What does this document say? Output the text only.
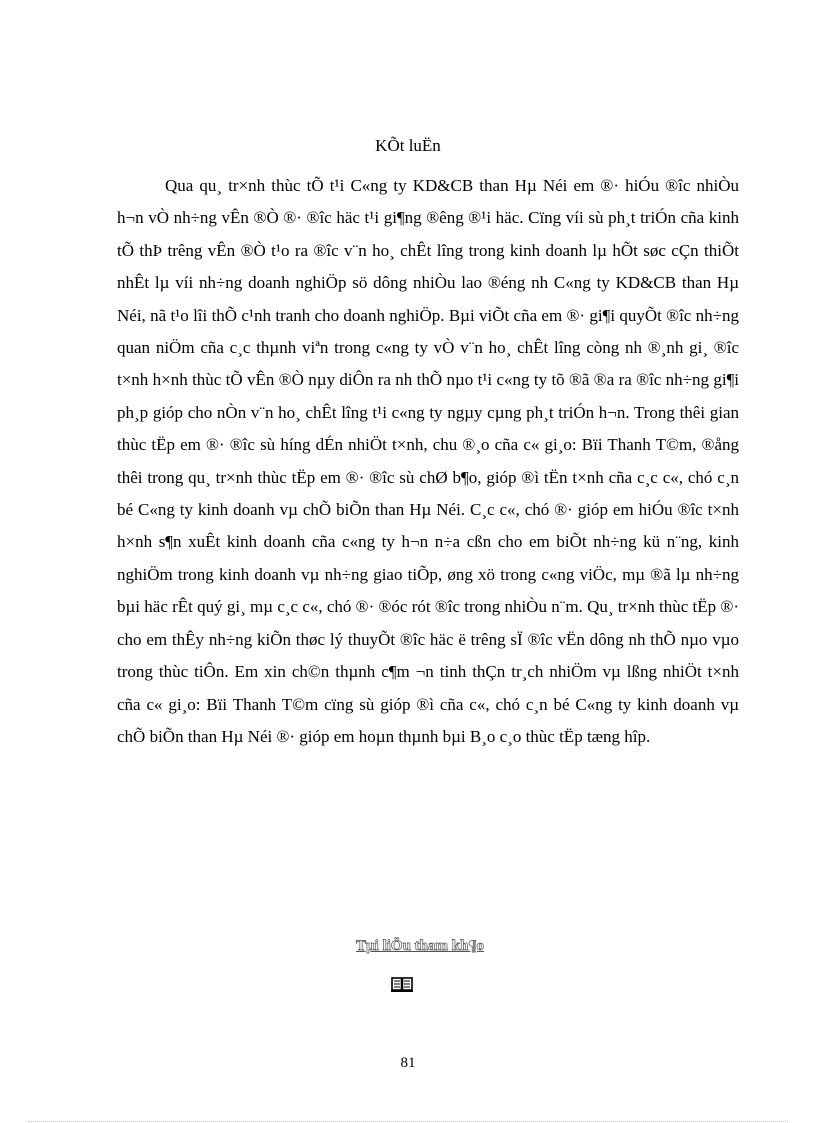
KÕt luËn

Qua qu¸ tr×nh thùc tÕ t¹i C«ng ty KD&CB than Hµ Néi em ®· hiÓu ®îc nhiÒu h¬n vÒ nh÷ng vÊn ®Ò ®· ®îc häc t¹i gi¶ng ®êng ®¹i häc. Cïng víi sù ph¸t triÓn cña kinh tÕ thÞ trêng vÊn ®Ò t¹o ra ®îc v¨n ho¸ chÊt lîng trong kinh doanh lµ hÕt søc cÇn thiÕt nhÊt lµ víi nh÷ng doanh nghiÖp sö dông nhiÒu lao ®éng nh C«ng ty KD&CB than Hµ Néi, nã t¹o lîi thÕ c¹nh tranh cho doanh nghiÖp. Bµi viÕt cña em ®· gi¶i quyÕt ®îc nh÷ng quan niÖm cña c¸c thµnh viªn trong c«ng ty vÒ v¨n ho¸ chÊt lîng còng nh ®¸nh gi¸ ®îc t×nh h×nh thùc tÕ vÊn ®Ò nµy diÔn ra nh thÕ nµo t¹i c«ng ty tõ ®ã ®a ra ®îc nh÷ng gi¶i ph¸p gióp cho nÒn v¨n ho¸ chÊt lîng t¹i c«ng ty ngµy cµng ph¸t triÓn h¬n. Trong thêi gian thùc tËp em ®· ®îc sù híng dÉn nhiÖt t×nh, chu ®¸o cña c« gi¸o: Bïi Thanh T©m, ®ång thêi trong qu¸ tr×nh thùc tËp em ®· ®îc sù chØ b¶o, gióp ®ì tËn t×nh cña c¸c c«, chó c¸n bé C«ng ty kinh doanh vµ chÕ biÕn than Hµ Néi. C¸c c«, chó ®· gióp em hiÓu ®îc t×nh h×nh s¶n xuÊt kinh doanh cña c«ng ty h¬n n÷a cßn cho em biÕt nh÷ng kü n¨ng, kinh nghiÖm trong kinh doanh vµ nh÷ng giao tiÕp, øng xö trong c«ng viÖc, mµ ®ã lµ nh÷ng bµi häc rÊt quý gi¸ mµ c¸c c«, chó ®· ®óc rót ®îc trong nhiÒu n¨m. Qu¸ tr×nh thùc tËp ®· cho em thÊy nh÷ng kiÕn thøc lý thuyÕt ®îc häc ë trêng sÏ ®îc vËn dông nh thÕ nµo vµo trong thùc tiÔn. Em xin ch©n thµnh c¶m ¬n tinh thÇn tr¸ch nhiÖm vµ lßng nhiÖt t×nh cña c« gi¸o: Bïi Thanh T©m cïng sù gióp ®ì cña c«, chó c¸n bé C«ng ty kinh doanh vµ chÕ biÕn than Hµ Néi ®· gióp em hoµn thµnh bµi B¸o c¸o thùc tËp tæng hîp.

Tµi liÖu tham kh¶o
81
